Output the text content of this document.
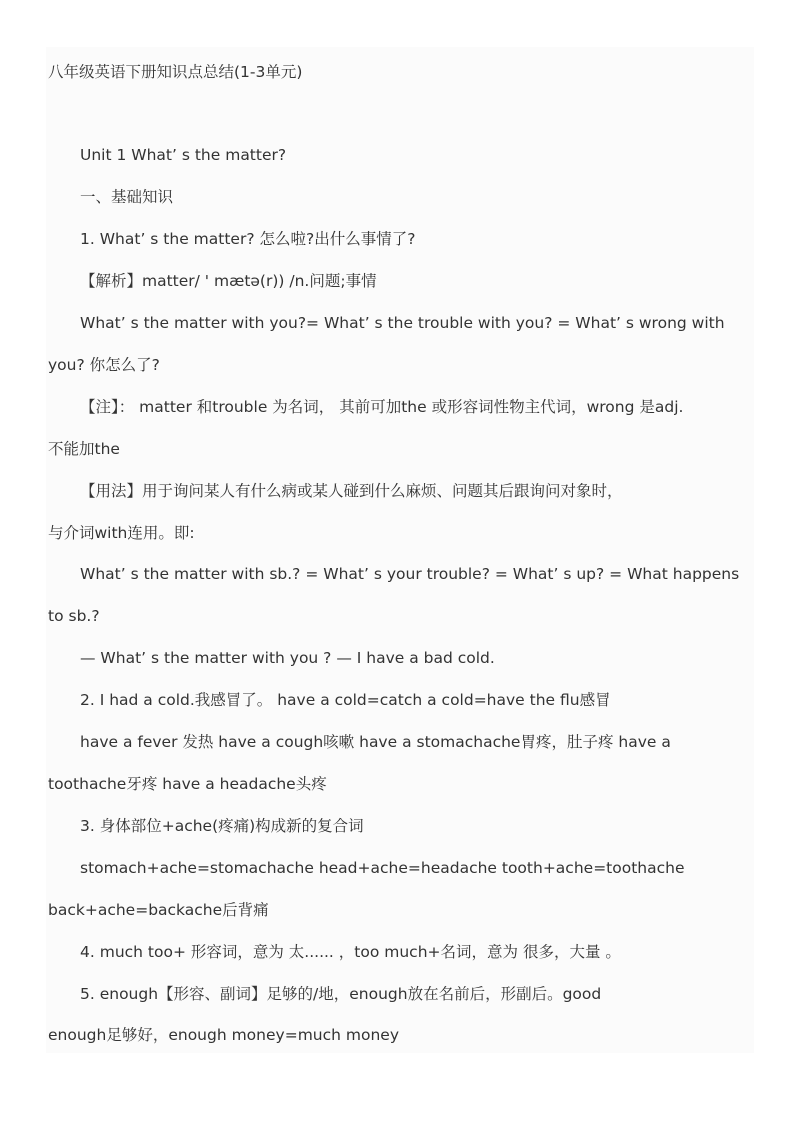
八年级英语下册知识点总结(1-3单元)
Unit 1 What’ s the matter?
一、基础知识
1. What’ s the matter? 怎么啦?出什么事情了?
【解析】matter/ ' mætə(r)) /n.问题;事情
What’ s the matter with you?= What’ s the trouble with you? = What’ s wrong with
you? 你怎么了?
【注】： matter 和trouble 为名词， 其前可加the 或形容词性物主代词，wrong 是adj.
不能加the
【用法】用于询问某人有什么病或某人碰到什么麻烦、问题其后跟询问对象时，
与介词with连用。即:
What’ s the matter with sb.? = What’ s your trouble? = What’ s up? = What happens
to sb.?
— What’ s the matter with you ? — I have a bad cold.
2. I had a cold.我感冒了。 have a cold=catch a cold=have the flu感冒
have a fever 发热 have a cough咳嗽 have a stomachache胃疼，肚子疼 have a
toothache牙疼 have a headache头疼
3. 身体部位+ache(疼痛)构成新的复合词
stomach+ache=stomachache head+ache=headache tooth+ache=toothache
back+ache=backache后背痛
4. much too+ 形容词，意为 太...... ，too much+名词，意为 很多，大量 。
5. enough【形容、副词】足够的/地，enough放在名前后，形副后。good
enough足够好，enough money=much money
